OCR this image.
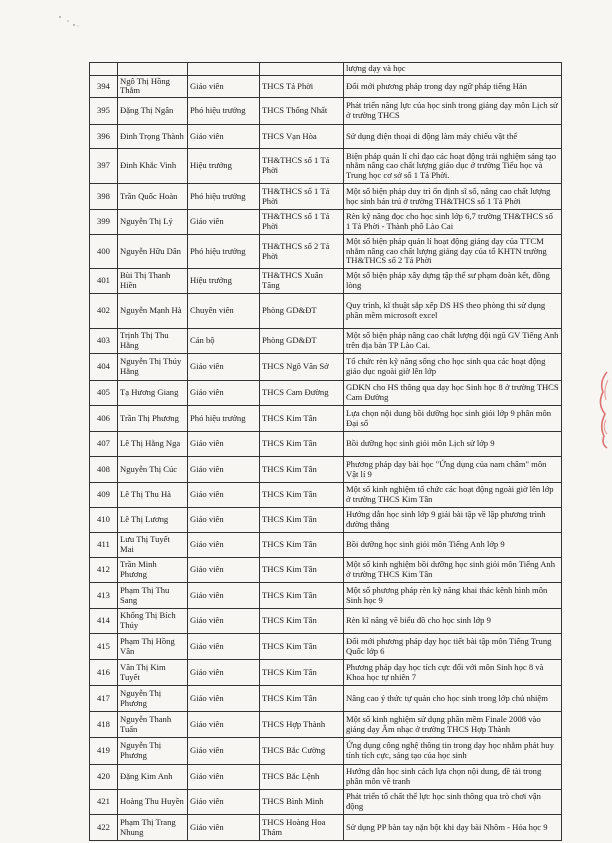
				lượng dạy và học
394	Ngô Thị Hồng Thắm	Giáo viên	THCS Tả Phời	Đổi mới phương pháp trong dạy ngữ pháp tiếng Hán
395	Đặng Thị Ngân	Phó hiệu trưởng	THCS Thống Nhất	Phát triển năng lực của học sinh trong giảng dạy môn Lịch sử ở trường THCS
396	Đinh Trọng Thành	Giáo viên	THCS Vạn Hòa	Sử dụng điện thoại di động làm máy chiếu vật thể
397	Đinh Khắc Vinh	Hiệu trưởng	TH&THCS số 1 Tả Phời	Biện pháp quản lí chỉ đạo các hoạt động trải nghiệm sáng tạo nhằm nâng cao chất lượng giáo dục ở trường Tiểu học và Trung học cơ sở số 1 Tả Phời.
398	Trần Quốc Hoàn	Phó hiệu trưởng	TH&THCS số 1 Tả Phời	Một số biện pháp duy trì ổn định sĩ số, nâng cao chất lượng học sinh bán trú ở trường TH&THCS số 1 Tả Phời
399	Nguyễn Thị Lý	Giáo viên	TH&THCS số 1 Tả Phời	Rèn kỹ năng đọc cho học sinh lớp 6,7 trường TH&THCS số 1 Tả Phời - Thành phố Lào Cai
400	Nguyễn Hữu Dân	Phó hiệu trưởng	TH&THCS số 2 Tả Phời	Một số biện pháp quản lí hoạt động giảng dạy của TTCM nhằm nâng cao chất lượng giảng dạy của tổ KHTN trường TH&THCS số 2 Tả Phời
401	Bùi Thị Thanh Hiền	Hiệu trưởng	TH&THCS Xuân Tăng	Một số biện pháp xây dựng tập thể sư phạm đoàn kết, đồng lòng
402	Nguyễn Mạnh Hà	Chuyên viên	Phòng GD&ĐT	Quy trình, kĩ thuật sắp xếp DS HS theo phòng thi sử dụng phần mềm microsoft excel
403	Trịnh Thị Thu Hằng	Cán bộ	Phòng GD&ĐT	Một số biện pháp nâng cao chất lượng đội ngũ GV Tiếng Anh trên địa bàn TP Lào Cai.
404	Nguyễn Thị Thúy Hằng	Giáo viên	THCS Ngô Văn Sở	Tổ chức rèn kỹ năng sống cho học sinh qua các hoạt động giáo dục ngoài giờ lên lớp
405	Tạ Hương Giang	Giáo viên	THCS Cam Đường	GDKN cho HS thông qua dạy học Sinh học 8 ở trường THCS Cam Đường
406	Trần Thị Phương	Phó hiệu trưởng	THCS Kim Tân	Lựa chọn nội dung bồi dưỡng học sinh giỏi lớp 9 phân môn Đại số
407	Lê Thị Hằng Nga	Giáo viên	THCS Kim Tân	Bồi dưỡng học sinh giỏi môn Lịch sử lớp 9
408	Nguyễn Thị Cúc	Giáo viên	THCS Kim Tân	Phương pháp dạy bài học "Ứng dụng của nam châm" môn Vật lí 9
409	Lê Thị Thu Hà	Giáo viên	THCS Kim Tân	Một số kinh nghiệm tổ chức các hoạt động ngoài giờ lên lớp ở trường THCS Kim Tân
410	Lê Thị Lương	Giáo viên	THCS Kim Tân	Hướng dẫn học sinh lớp 9 giải bài tập về lập phương trình đường thẳng
411	Lưu Thị Tuyết Mai	Giáo viên	THCS Kim Tân	Bồi dưỡng học sinh giỏi môn Tiếng Anh lớp 9
412	Trần Minh Phương	Giáo viên	THCS Kim Tân	Một số kinh nghiệm bồi dưỡng học sinh giỏi môn Tiếng Anh ở trường THCS Kim Tân
413	Phạm Thị Thu Sang	Giáo viên	THCS Kim Tân	Một số phương pháp rèn kỹ năng khai thác kênh hình môn Sinh học 9
414	Khổng Thị Bích Thúy	Giáo viên	THCS Kim Tân	Rèn kĩ năng vẽ biểu đồ cho học sinh lớp 9
415	Phạm Thị Hồng Vân	Giáo viên	THCS Kim Tân	Đổi mới phương pháp dạy học tiết bài tập môn Tiếng Trung Quốc lớp 6
416	Văn Thị Kim Tuyết	Giáo viên	THCS Kim Tân	Phương pháp dạy học tích cực đối với môn Sinh học 8 và Khoa học tự nhiên 7
417	Nguyễn Thị Phương	Giáo viên	THCS Kim Tân	Nâng cao ý thức tự quản cho học sinh trong lớp chủ nhiệm
418	Nguyễn Thanh Tuấn	Giáo viên	THCS Hợp Thành	Một số kinh nghiệm sử dụng phần mềm Finale 2008 vào giảng dạy Âm nhạc ở trường THCS Hợp Thành
419	Nguyễn Thị Phương	Giáo viên	THCS Bắc Cường	Ứng dụng công nghệ thông tin trong dạy học nhằm phát huy tính tích cực, sáng tạo của học sinh
420	Đặng Kim Anh	Giáo viên	THCS Bắc Lệnh	Hướng dẫn học sinh cách lựa chọn nội dung, đề tài trong phân môn vẽ tranh
421	Hoàng Thu Huyền	Giáo viên	THCS Bình Minh	Phát triển tố chất thể lực học sinh thông qua trò chơi vận động
422	Phạm Thị Trang Nhung	Giáo viên	THCS Hoàng Hoa Thám	Sử dụng PP bàn tay nặn bột khi dạy bài Nhôm - Hóa học 9
